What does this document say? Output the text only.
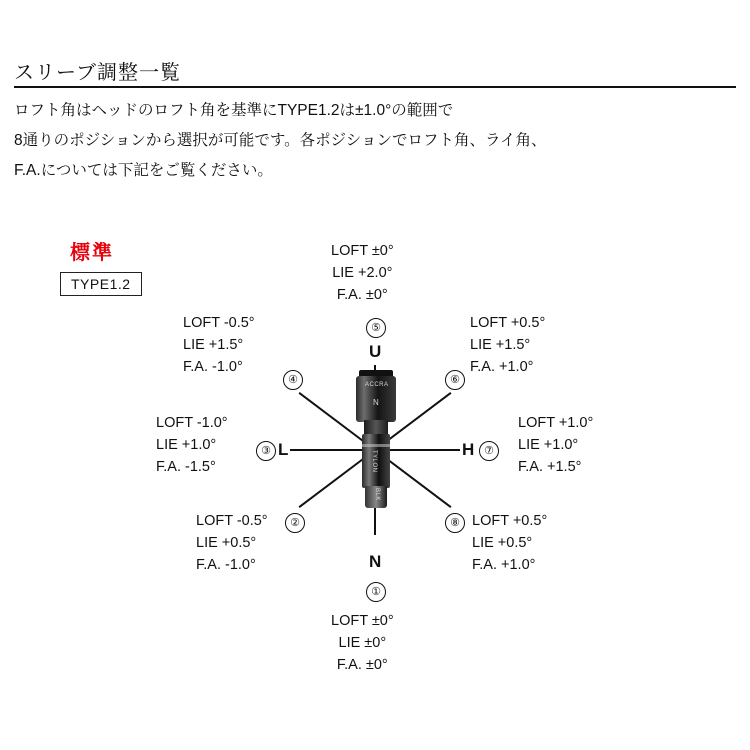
スリーブ調整一覧
ロフト角はヘッドのロフト角を基準にTYPE1.2は±1.0°の範囲で
8通りのポジションから選択が可能です。各ポジションでロフト角、ライ角、
F.A.については下記をご覧ください。
標準
TYPE1.2
ACCRA
N
TYLON
BLK
U
L	H
N
⑤
④	⑥
③	⑦
②	⑧
①
LOFT ±0°
LIE +2.0°
F.A. ±0°
LOFT -0.5°
LIE +1.5°
F.A. -1.0°
LOFT +0.5°
LIE +1.5°
F.A. +1.0°
LOFT -1.0°
LIE +1.0°
F.A. -1.5°
LOFT +1.0°
LIE +1.0°
F.A. +1.5°
LOFT -0.5°
LIE +0.5°
F.A. -1.0°
LOFT +0.5°
LIE +0.5°
F.A. +1.0°
LOFT ±0°
LIE ±0°
F.A. ±0°
